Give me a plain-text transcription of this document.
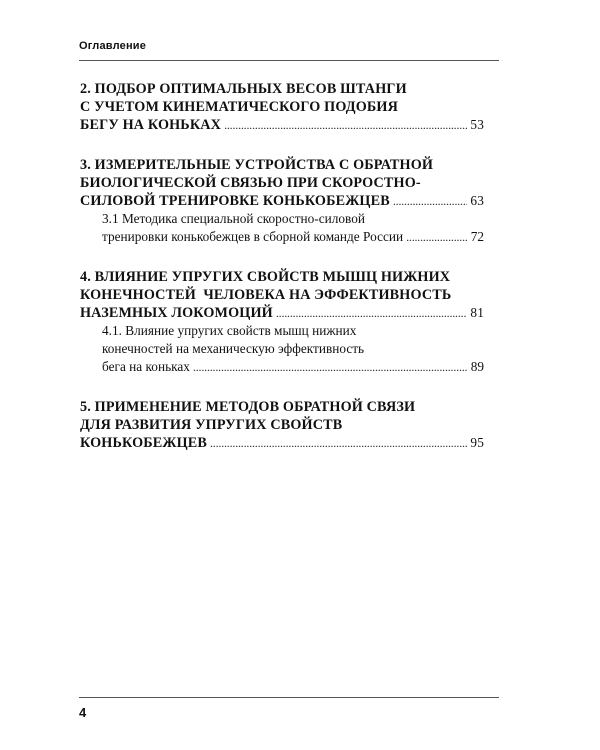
Оглавление
2. ПОДБОР ОПТИМАЛЬНЫХ ВЕСОВ ШТАНГИ
С УЧЕТОМ КИНЕМАТИЧЕСКОГО ПОДОБИЯ
БЕГУ НА КОНЬКАХ . . .	53
3. ИЗМЕРИТЕЛЬНЫЕ УСТРОЙСТВА С ОБРАТНОЙ
БИОЛОГИЧЕСКОЙ СВЯЗЬЮ ПРИ СКОРОСТНО-
СИЛОВОЙ ТРЕНИРОВКЕ КОНЬКОБЕЖЦЕВ . . .	63
3.1 Методика специальной скоростно-силовой
тренировки конькобежцев в сборной команде России . . .	72
4. ВЛИЯНИЕ УПРУГИХ СВОЙСТВ МЫШЦ НИЖНИХ
КОНЕЧНОСТЕЙ  ЧЕЛОВЕКА НА ЭФФЕКТИВНОСТЬ
НАЗЕМНЫХ ЛОКОМОЦИЙ . . .	81
4.1. Влияние упругих свойств мышц нижних
конечностей на механическую эффективность
бега на коньках . . .	89
5. ПРИМЕНЕНИЕ МЕТОДОВ ОБРАТНОЙ СВЯЗИ
ДЛЯ РАЗВИТИЯ УПРУГИХ СВОЙСТВ
КОНЬКОБЕЖЦЕВ . . .	95
4
